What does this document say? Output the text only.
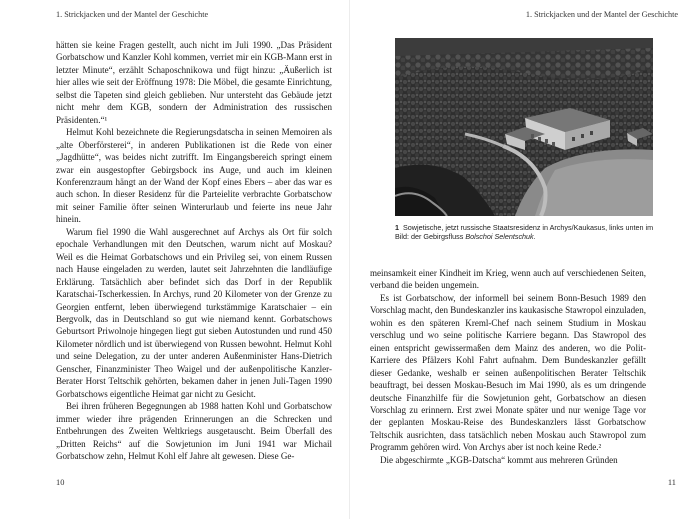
1. Strickjacken und der Mantel der Geschichte

hätten sie keine Fragen gestellt, auch nicht im Juli 1990. „Das Präsident Gorbatschow und Kanzler Kohl kommen, verriet mir ein KGB-Mann erst in letzter Minute“, erzählt Schaposchnikowa und fügt hinzu: „Äußerlich ist hier alles wie seit der Eröffnung 1978: Die Möbel, die gesamte Einrichtung, selbst die Tapeten sind gleich geblieben. Nur untersteht das Gebäude jetzt nicht mehr dem KGB, sondern der Administration des russischen Präsidenten.“¹

Helmut Kohl bezeichnete die Regierungsdatscha in seinen Memoiren als „alte Oberförsterei“, in anderen Publikationen ist die Rede von einer „Jagdhütte“, was beides nicht zutrifft. Im Eingangsbereich springt einem zwar ein ausgestopfter Gebirgsbock ins Auge, und auch im kleinen Konferenzraum hängt an der Wand der Kopf eines Ebers – aber das war es auch schon. In dieser Residenz für die Parteielite verbrachte Gorbatschow mit seiner Familie öfter seinen Winterurlaub und feierte ins neue Jahr hinein.

Warum fiel 1990 die Wahl ausgerechnet auf Archys als Ort für solch epochale Verhandlungen mit den Deutschen, warum nicht auf Moskau? Weil es die Heimat Gorbatschows und ein Privileg sei, von einem Russen nach Hause eingeladen zu werden, lautet seit Jahrzehnten die landläufige Erklärung. Tatsächlich aber befindet sich das Dorf in der Republik Karatschai-Tscherkessien. In Archys, rund 20 Kilometer von der Grenze zu Georgien entfernt, leben überwiegend turkstämmige Karatschaier – ein Bergvolk, das in Deutschland so gut wie niemand kennt. Gorbatschows Geburtsort Priwolnoje hingegen liegt gut sieben Autostunden und rund 450 Kilometer nördlich und ist überwiegend von Russen bewohnt. Helmut Kohl und seine Delegation, zu der unter anderen Außenminister Hans-Dietrich Genscher, Finanzminister Theo Waigel und der außenpolitische Kanzler-Berater Horst Teltschik gehörten, bekamen daher in jenen Juli-Tagen 1990 Gorbatschows eigentliche Heimat gar nicht zu Gesicht.

Bei ihren früheren Begegnungen ab 1988 hatten Kohl und Gorbatschow immer wieder ihre prägenden Erinnerungen an die Schrecken und Entbehrungen des Zweiten Weltkriegs ausgetauscht. Beim Überfall des „Dritten Reichs“ auf die Sowjetunion im Juni 1941 war Michail Gorbatschow zehn, Helmut Kohl elf Jahre alt gewesen. Diese Ge-

10
1. Strickjacken und der Mantel der Geschichte
1 Sowjetische, jetzt russische Staatsresidenz in Archys/Kaukasus, links unten im Bild: der Gebirgsfluss Bolschoi Selentschuk.

meinsamkeit einer Kindheit im Krieg, wenn auch auf verschiedenen Seiten, verband die beiden ungemein.

Es ist Gorbatschow, der informell bei seinem Bonn-Besuch 1989 den Vorschlag macht, den Bundeskanzler ins kaukasische Stawropol einzuladen, wohin es den späteren Kreml-Chef nach seinem Studium in Moskau verschlug und wo seine politische Karriere begann. Das Stawropol des einen entspricht gewissermaßen dem Mainz des anderen, wo die Polit-Karriere des Pfälzers Kohl Fahrt aufnahm. Dem Bundeskanzler gefällt dieser Gedanke, weshalb er seinen außenpolitischen Berater Teltschik beauftragt, bei dessen Moskau-Besuch im Mai 1990, als es um dringende deutsche Finanzhilfe für die Sowjetunion geht, Gorbatschow an diesen Vorschlag zu erinnern. Erst zwei Monate später und nur wenige Tage vor der geplanten Moskau-Reise des Bundeskanzlers lässt Gorbatschow Teltschik ausrichten, dass tatsächlich neben Moskau auch Stawropol zum Programm gehören wird. Von Archys aber ist noch keine Rede.²

Die abgeschirmte „KGB-Datscha“ kommt aus mehreren Gründen

11
